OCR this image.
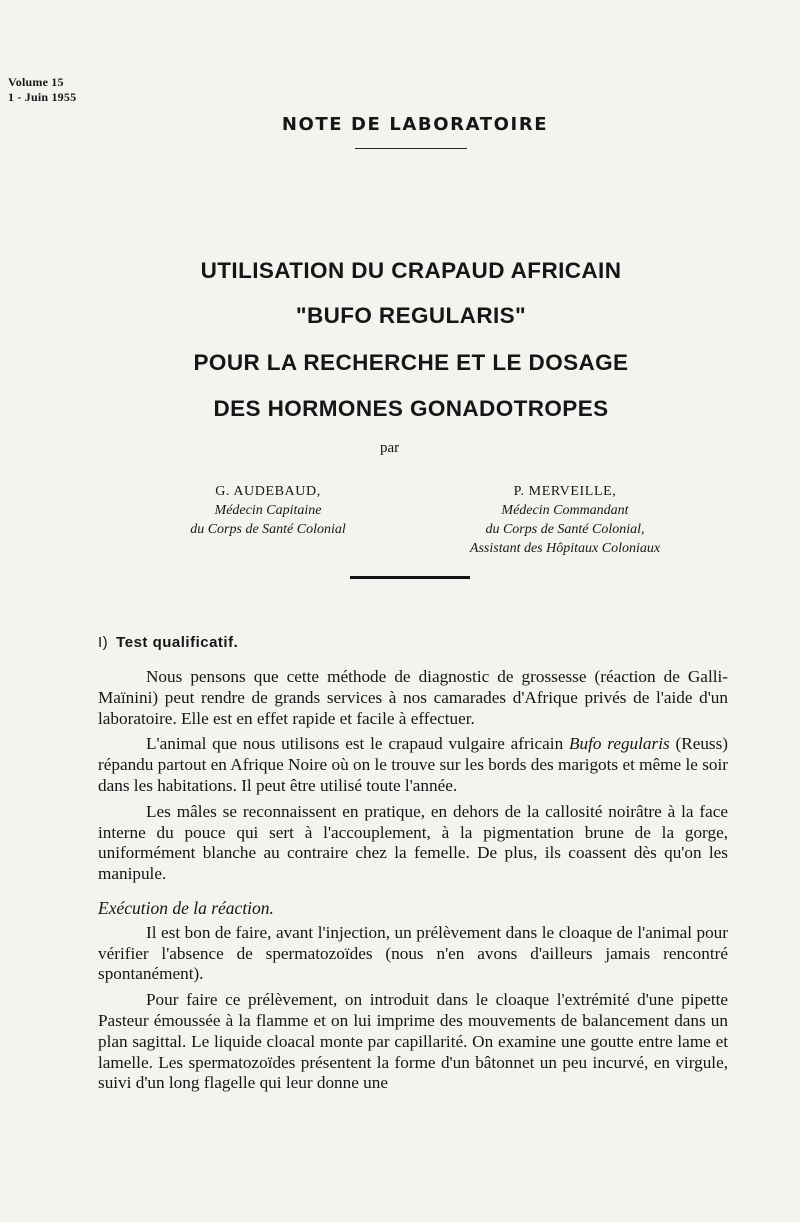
Volume 15
1 - Juin 1955
NOTE DE LABORATOIRE
UTILISATION DU CRAPAUD AFRICAIN
"BUFO REGULARIS"
POUR LA RECHERCHE ET LE DOSAGE
DES HORMONES GONADOTROPES
par
G. AUDEBAUD,
Médecin Capitaine
du Corps de Santé Colonial
P. MERVEILLE,
Médecin Commandant
du Corps de Santé Colonial,
Assistant des Hôpitaux Coloniaux
I) Test qualificatif.

Nous pensons que cette méthode de diagnostic de grossesse (réaction de Galli-Maïnini) peut rendre de grands services à nos camarades d'Afrique privés de l'aide d'un laboratoire. Elle est en effet rapide et facile à effectuer.

L'animal que nous utilisons est le crapaud vulgaire africain Bufo regularis (Reuss) répandu partout en Afrique Noire où on le trouve sur les bords des marigots et même le soir dans les habitations. Il peut être utilisé toute l'année.

Les mâles se reconnaissent en pratique, en dehors de la callosité noirâtre à la face interne du pouce qui sert à l'accouplement, à la pigmentation brune de la gorge, uniformément blanche au contraire chez la femelle. De plus, ils coassent dès qu'on les manipule.

Exécution de la réaction.

Il est bon de faire, avant l'injection, un prélèvement dans le cloaque de l'animal pour vérifier l'absence de spermatozoïdes (nous n'en avons d'ailleurs jamais rencontré spontanément).

Pour faire ce prélèvement, on introduit dans le cloaque l'extrémité d'une pipette Pasteur émoussée à la flamme et on lui imprime des mouvements de balancement dans un plan sagittal. Le liquide cloacal monte par capillarité. On examine une goutte entre lame et lamelle. Les spermatozoïdes présentent la forme d'un bâtonnet un peu incurvé, en virgule, suivi d'un long flagelle qui leur donne une
